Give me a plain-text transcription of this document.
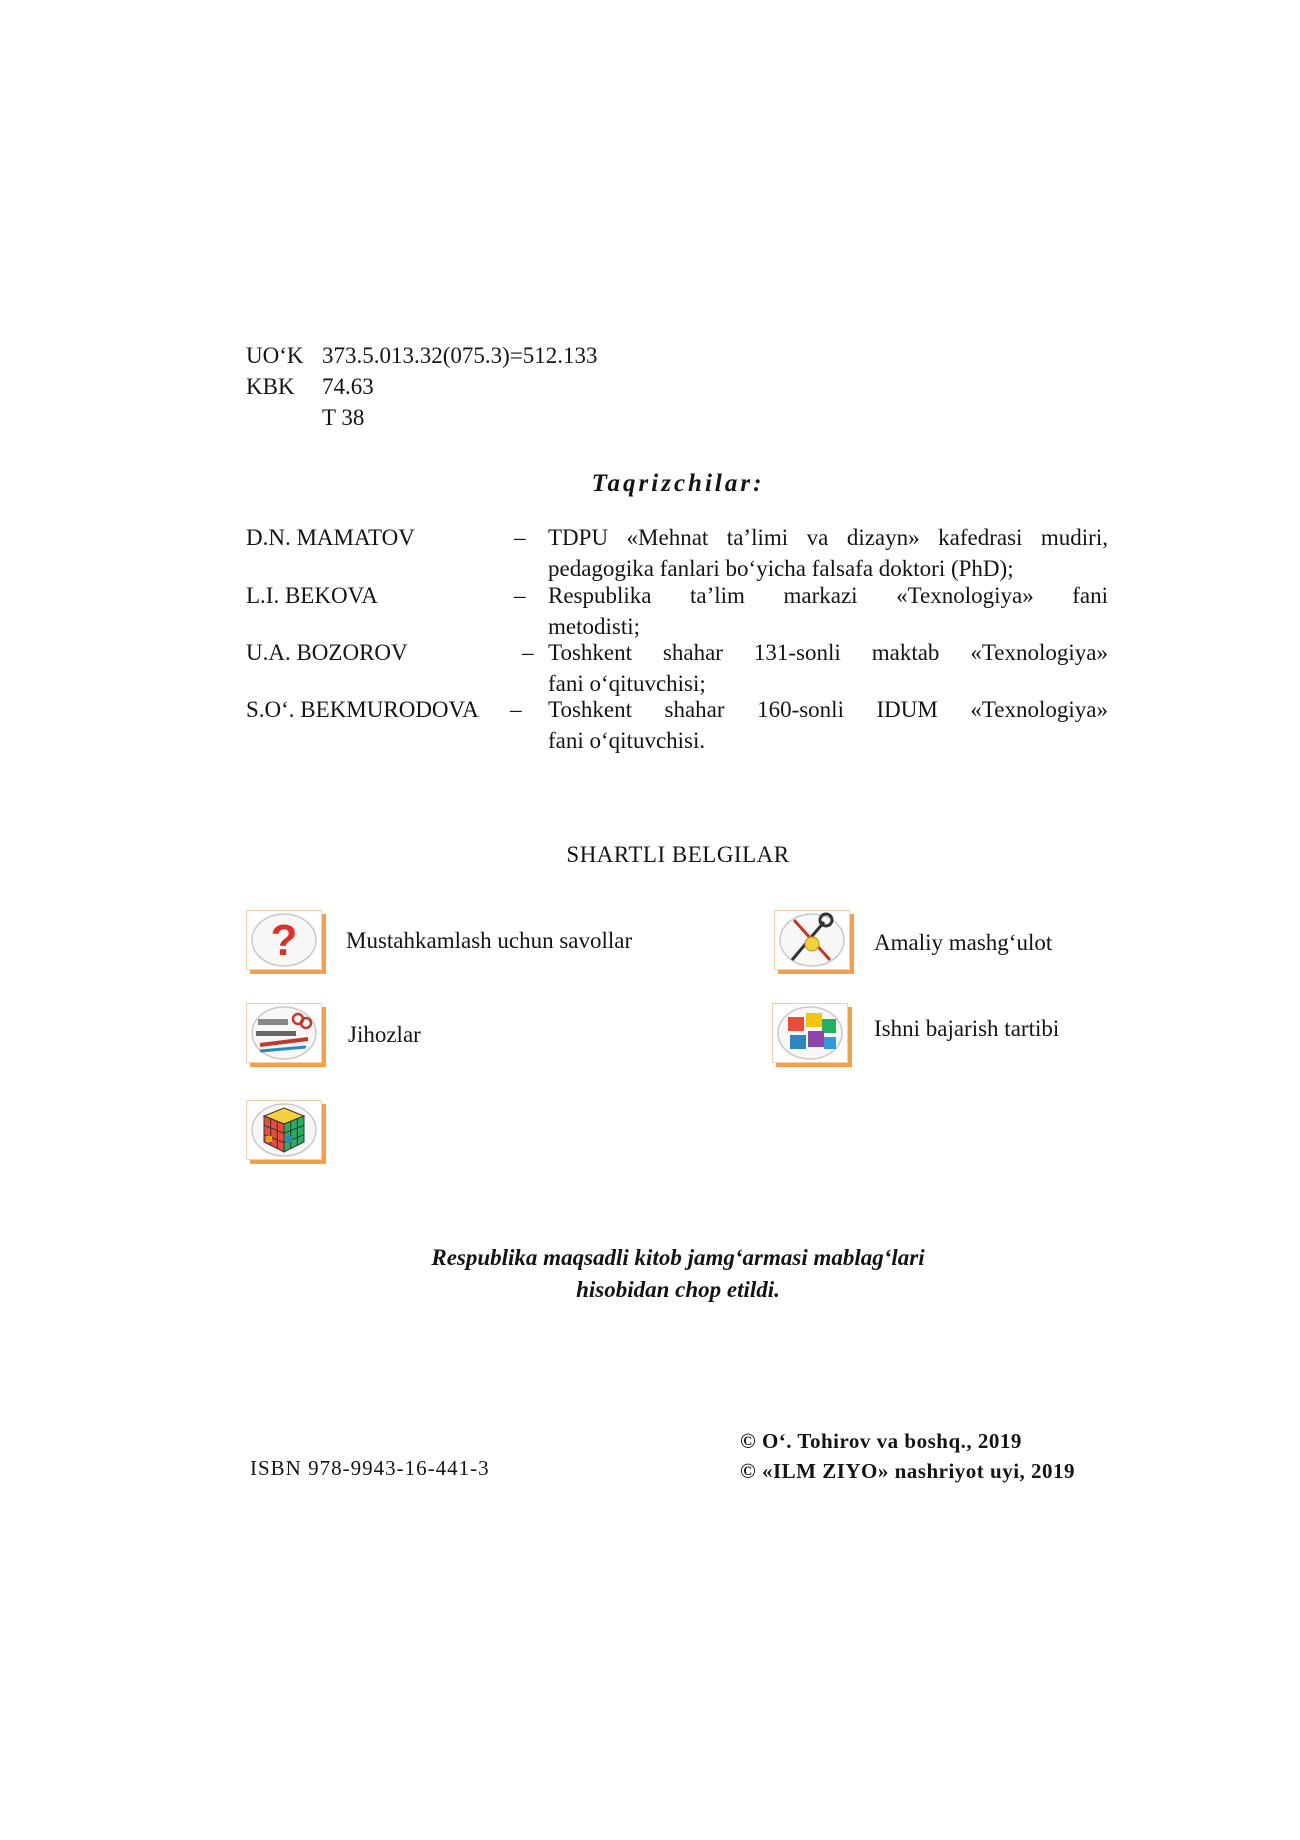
UO‘K 373.5.013.32(075.3)=512.133
KBK 74.63
T 38
Taqrizchilar:
D.N. MAMATOV	– TDPU «Mehnat ta’limi va dizayn» kafedrasi mudiri,
pedagogika fanlari bo‘yicha falsafa doktori (PhD);
L.I. BEKOVA	– Respublika ta’lim markazi «Texnologiya» fani
metodisti;
U.A. BOZOROV	– Toshkent shahar 131-sonli maktab «Texnologiya»
fani o‘qituvchisi;
S.O‘. BEKMURODOVA – Toshkent shahar 160-sonli IDUM «Texnologiya»
fani o‘qituvchisi.
SHARTLI BELGILAR
? Mustahkamlash uchun savollar	Amaliy mashg‘ulot
Jihozlar	Ishni bajarish tartibi
Respublika maqsadli kitob jamg‘armasi mablag‘lari
hisobidan chop etildi.
ISBN 978-9943-16-441-3
© O‘. Tohirov va boshq., 2019
© «ILM ZIYO» nashriyot uyi, 2019
